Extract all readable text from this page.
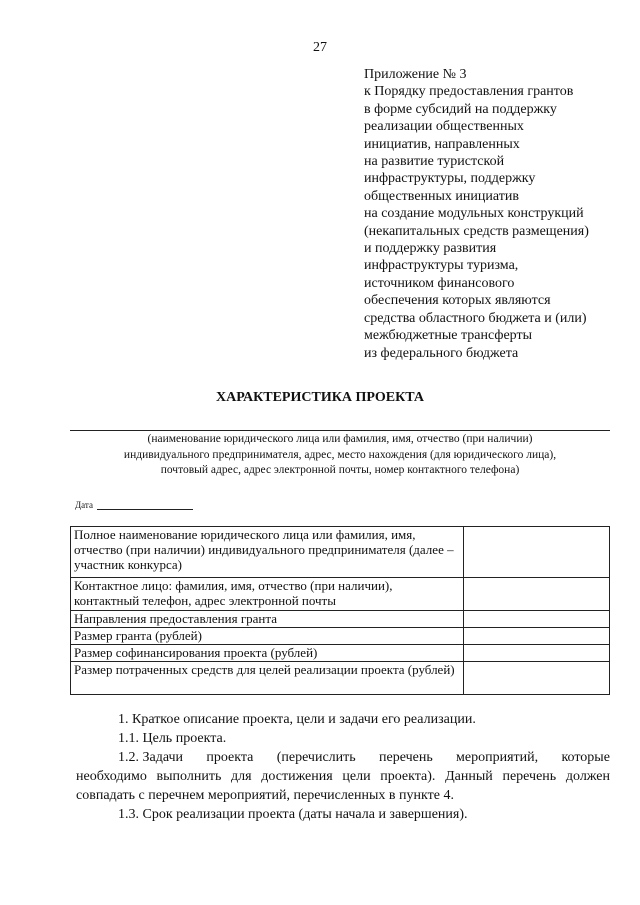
27
Приложение № 3
к Порядку предоставления грантов
в форме субсидий на поддержку
реализации общественных
инициатив, направленных
на развитие туристской
инфраструктуры, поддержку
общественных инициатив
на создание модульных конструкций
(некапитальных средств размещения)
и поддержку развития
инфраструктуры туризма,
источником финансового
обеспечения которых являются
средства областного бюджета и (или)
межбюджетные трансферты
из федерального бюджета
ХАРАКТЕРИСТИКА ПРОЕКТА
(наименование юридического лица или фамилия, имя, отчество (при наличии)
индивидуального предпринимателя, адрес, место нахождения (для юридического лица),
почтовый адрес, адрес электронной почты, номер контактного телефона)
Дата
Полное наименование юридического лица или фамилия, имя, отчество (при наличии) индивидуального предпринимателя (далее – участник конкурса)	
Контактное лицо: фамилия, имя, отчество (при наличии), контактный телефон, адрес электронной почты	
Направления предоставления гранта	
Размер гранта (рублей)	
Размер софинансирования проекта (рублей)	
Размер потраченных средств для целей реализации проекта (рублей)	

1. Краткое описание проекта, цели и задачи его реализации.

1.1. Цель проекта.

1.2. Задачи проекта (перечислить перечень мероприятий, которые

необходимо выполнить для достижения цели проекта). Данный перечень должен совпадать с перечнем мероприятий, перечисленных в пункте 4.

1.3. Срок реализации проекта (даты начала и завершения).
